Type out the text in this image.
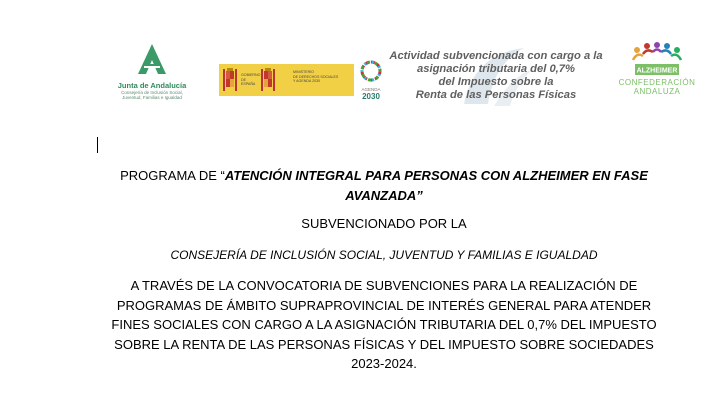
Junta de Andalucía
Consejería de Inclusión Social,
Juventud, Familias e Igualdad
GOBIERNO
DE ESPAÑA
MINISTERIO
DE DERECHOS SOCIALES
Y AGENDA 2030
AGENDA
2030
Actividad subvencionada con cargo a la
asignación tributaria del 0,7%
del Impuesto sobre la
Renta de las Personas Físicas
ALZHEIMER
CONFEDERACIÓN
ANDALUZA
PROGRAMA DE “ATENCIÓN INTEGRAL PARA PERSONAS CON ALZHEIMER EN FASE
AVANZADA”
SUBVENCIONADO POR LA
CONSEJERÍA DE INCLUSIÓN SOCIAL, JUVENTUD Y FAMILIAS E IGUALDAD
A TRAVÉS DE LA CONVOCATORIA DE SUBVENCIONES PARA LA REALIZACIÓN DE
PROGRAMAS DE ÁMBITO SUPRAPROVINCIAL DE INTERÉS GENERAL PARA ATENDER
FINES SOCIALES CON CARGO A LA ASIGNACIÓN TRIBUTARIA DEL 0,7% DEL IMPUESTO
SOBRE LA RENTA DE LAS PERSONAS FÍSICAS Y DEL IMPUESTO SOBRE SOCIEDADES
2023-2024.
